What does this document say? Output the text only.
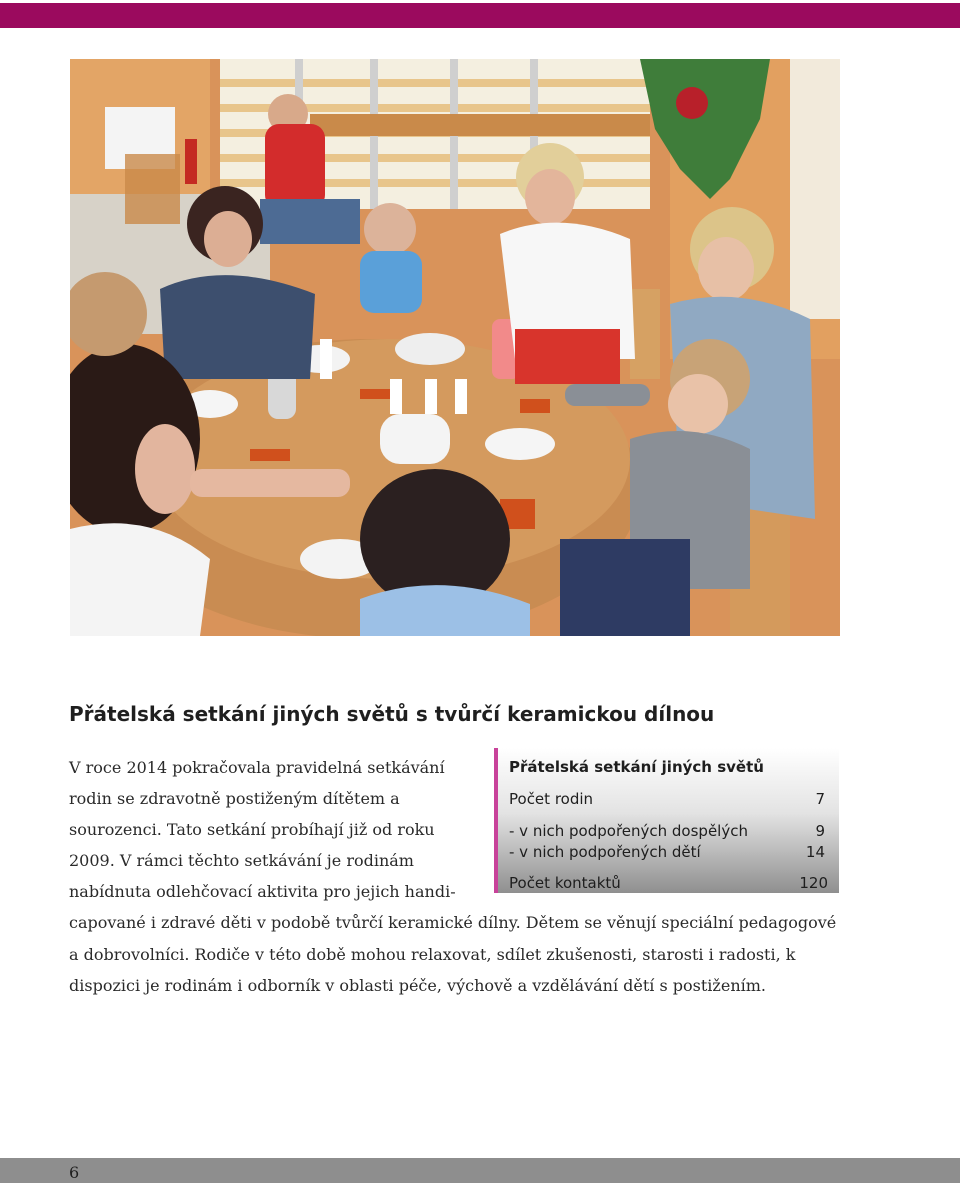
Přátelská setkání jiných světů s tvůrčí keramickou dílnou
Přátelská setkání jiných světů
Počet rodin	7
- v nich podpořených dospělých	9
- v nich podpořených dětí	14
Počet kontaktů	120
V roce 2014 pokračovala pravidelná setkávání rodin se zdravotně postiženým dítětem a sourozenci. Tato setkání probíhají již od roku 2009. V rámci těchto setkávání je rodinám nabídnuta odlehčovací aktivita pro jejich handicapované i zdravé děti v podobě tvůrčí keramické dílny. Dětem se věnují speciální pedagogové a dobrovolníci. Rodiče v této době mohou relaxovat, sdílet zkušenosti, starosti i radosti, k dispozici je rodinám i odborník v oblasti péče, výchově a vzdělávání dětí s postižením.

6
